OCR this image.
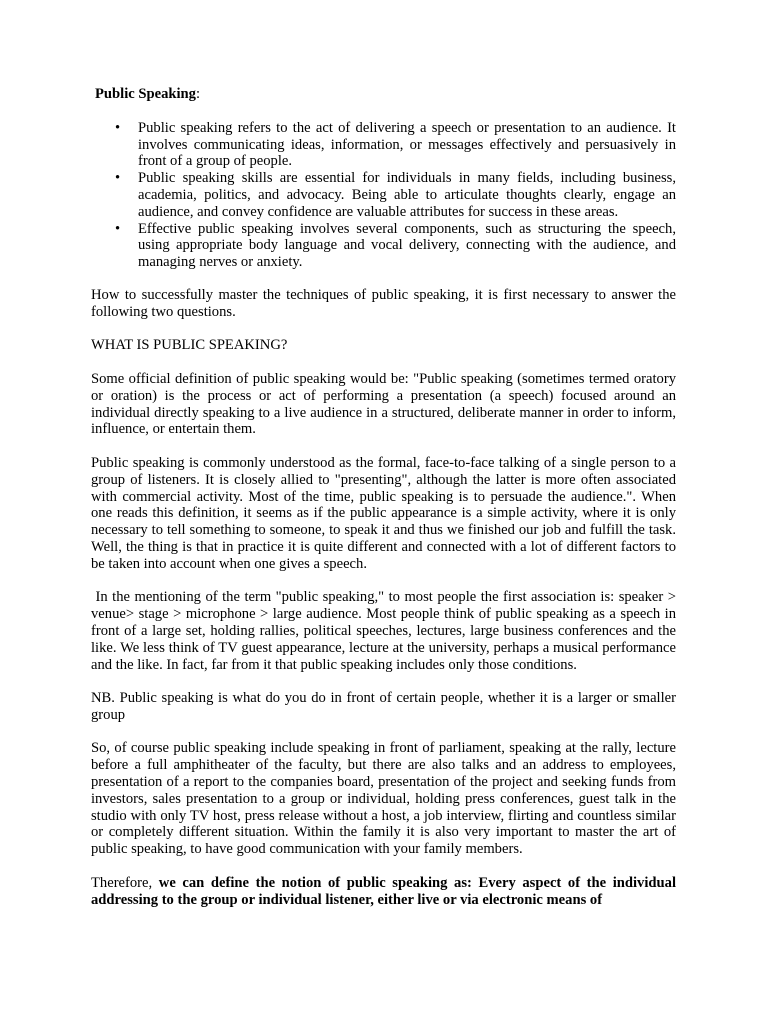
Public Speaking:
• Public speaking refers to the act of delivering a speech or presentation to an audience. It involves communicating ideas, information, or messages effectively and persuasively in front of a group of people.
• Public speaking skills are essential for individuals in many fields, including business, academia, politics, and advocacy. Being able to articulate thoughts clearly, engage an audience, and convey confidence are valuable attributes for success in these areas.
• Effective public speaking involves several components, such as structuring the speech, using appropriate body language and vocal delivery, connecting with the audience, and managing nerves or anxiety.

How to successfully master the techniques of public speaking, it is first necessary to answer the following two questions.

WHAT IS PUBLIC SPEAKING?

Some official definition of public speaking would be: "Public speaking (sometimes termed oratory or oration) is the process or act of performing a presentation (a speech) focused around an individual directly speaking to a live audience in a structured, deliberate manner in order to inform, influence, or entertain them.

Public speaking is commonly understood as the formal, face-to-face talking of a single person to a group of listeners. It is closely allied to "presenting", although the latter is more often associated with commercial activity. Most of the time, public speaking is to persuade the audience.". When one reads this definition, it seems as if the public appearance is a simple activity, where it is only necessary to tell something to someone, to speak it and thus we finished our job and fulfill the task. Well, the thing is that in practice it is quite different and connected with a lot of different factors to be taken into account when one gives a speech.

In the mentioning of the term "public speaking," to most people the first association is: speaker > venue> stage > microphone > large audience. Most people think of public speaking as a speech in front of a large set, holding rallies, political speeches, lectures, large business conferences and the like. We less think of TV guest appearance, lecture at the university, perhaps a musical performance and the like. In fact, far from it that public speaking includes only those conditions.

NB. Public speaking is what do you do in front of certain people, whether it is a larger or smaller group

So, of course public speaking include speaking in front of parliament, speaking at the rally, lecture before a full amphitheater of the faculty, but there are also talks and an address to employees, presentation of a report to the companies board, presentation of the project and seeking funds from investors, sales presentation to a group or individual, holding press conferences, guest talk in the studio with only TV host, press release without a host, a job interview, flirting and countless similar or completely different situation. Within the family it is also very important to master the art of public speaking, to have good communication with your family members.

Therefore, we can define the notion of public speaking as: Every aspect of the individual addressing to the group or individual listener, either live or via electronic means of
